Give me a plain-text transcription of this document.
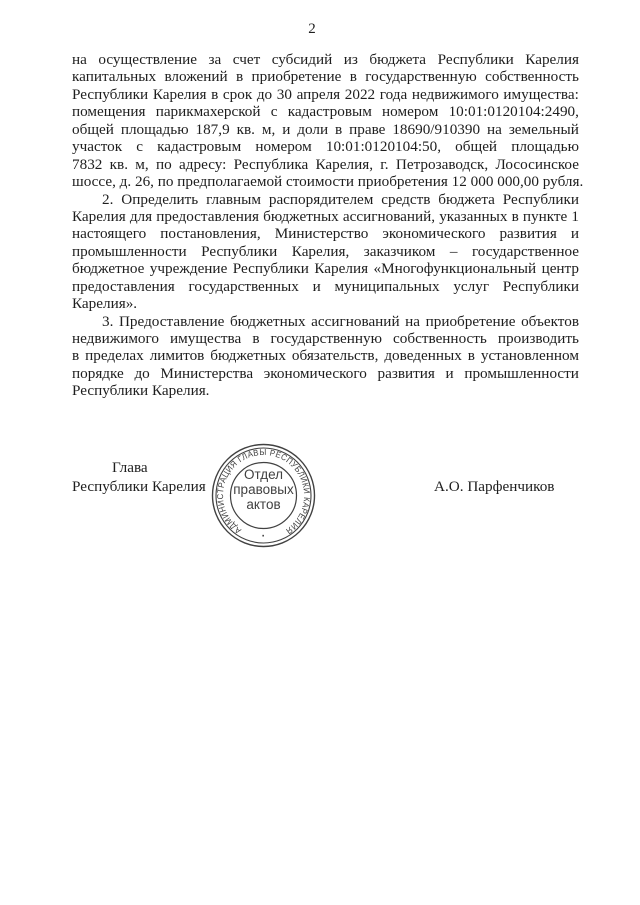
2
на осуществление за счет субсидий из бюджета Республики Карелия
капитальных вложений в приобретение в государственную собственность
Республики Карелия в срок до 30 апреля 2022 года недвижимого имущества:
помещения парикмахерской с кадастровым номером 10:01:0120104:2490,
общей площадью 187,9 кв. м, и доли в праве 18690/910390 на земельный
участок с кадастровым номером 10:01:0120104:50, общей площадью
7832 кв. м, по адресу: Республика Карелия, г. Петрозаводск, Лососинское
шоссе, д. 26, по предполагаемой стоимости приобретения 12 000 000,00 рубля.
2. Определить главным распорядителем средств бюджета Республики
Карелия для предоставления бюджетных ассигнований, указанных в пункте 1
настоящего постановления, Министерство экономического развития и
промышленности Республики Карелия, заказчиком – государственное
бюджетное учреждение Республики Карелия «Многофункциональный центр
предоставления государственных и муниципальных услуг Республики
Карелия».
3. Предоставление бюджетных ассигнований на приобретение объектов
недвижимого имущества в государственную собственность производить
в пределах лимитов бюджетных обязательств, доведенных в установленном
порядке до Министерства экономического развития и промышленности
Республики Карелия.
Глава
Республики Карелия	А.О. Парфенчиков
АДМИНИСТРАЦИЯ ГЛАВЫ РЕСПУБЛИКИ КАРЕЛИЯ
·
Отдел
правовых
актов
